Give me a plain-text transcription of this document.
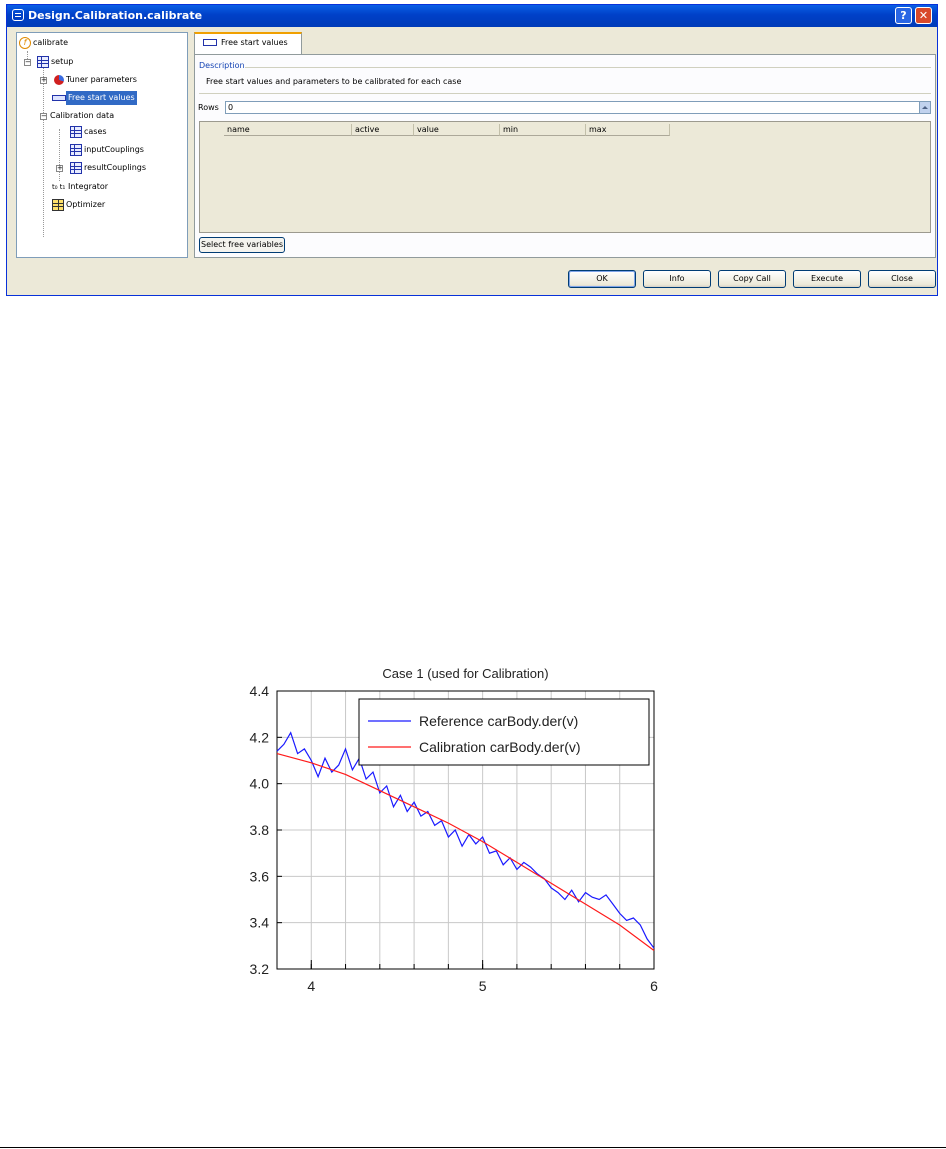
Design.Calibration.calibrate	?	✕
f calibrate
−	setup
+	Tuner parameters
Free start values
− Calibration data
cases
inputCouplings
+	resultCouplings
t₀ t₁ Integrator
Optimizer
Free start values
Description
Free start values and parameters to be calibrated for each case
Rows	0
name	active	value	min	max
Select free variables
OK	Info	Copy Call	Execute	Close
Case 1 (used for Calibration)
3.2
3.4
3.6
3.8
4.0
4.2
4.4
4	5	6
Reference carBody.der(v)
Calibration carBody.der(v)
